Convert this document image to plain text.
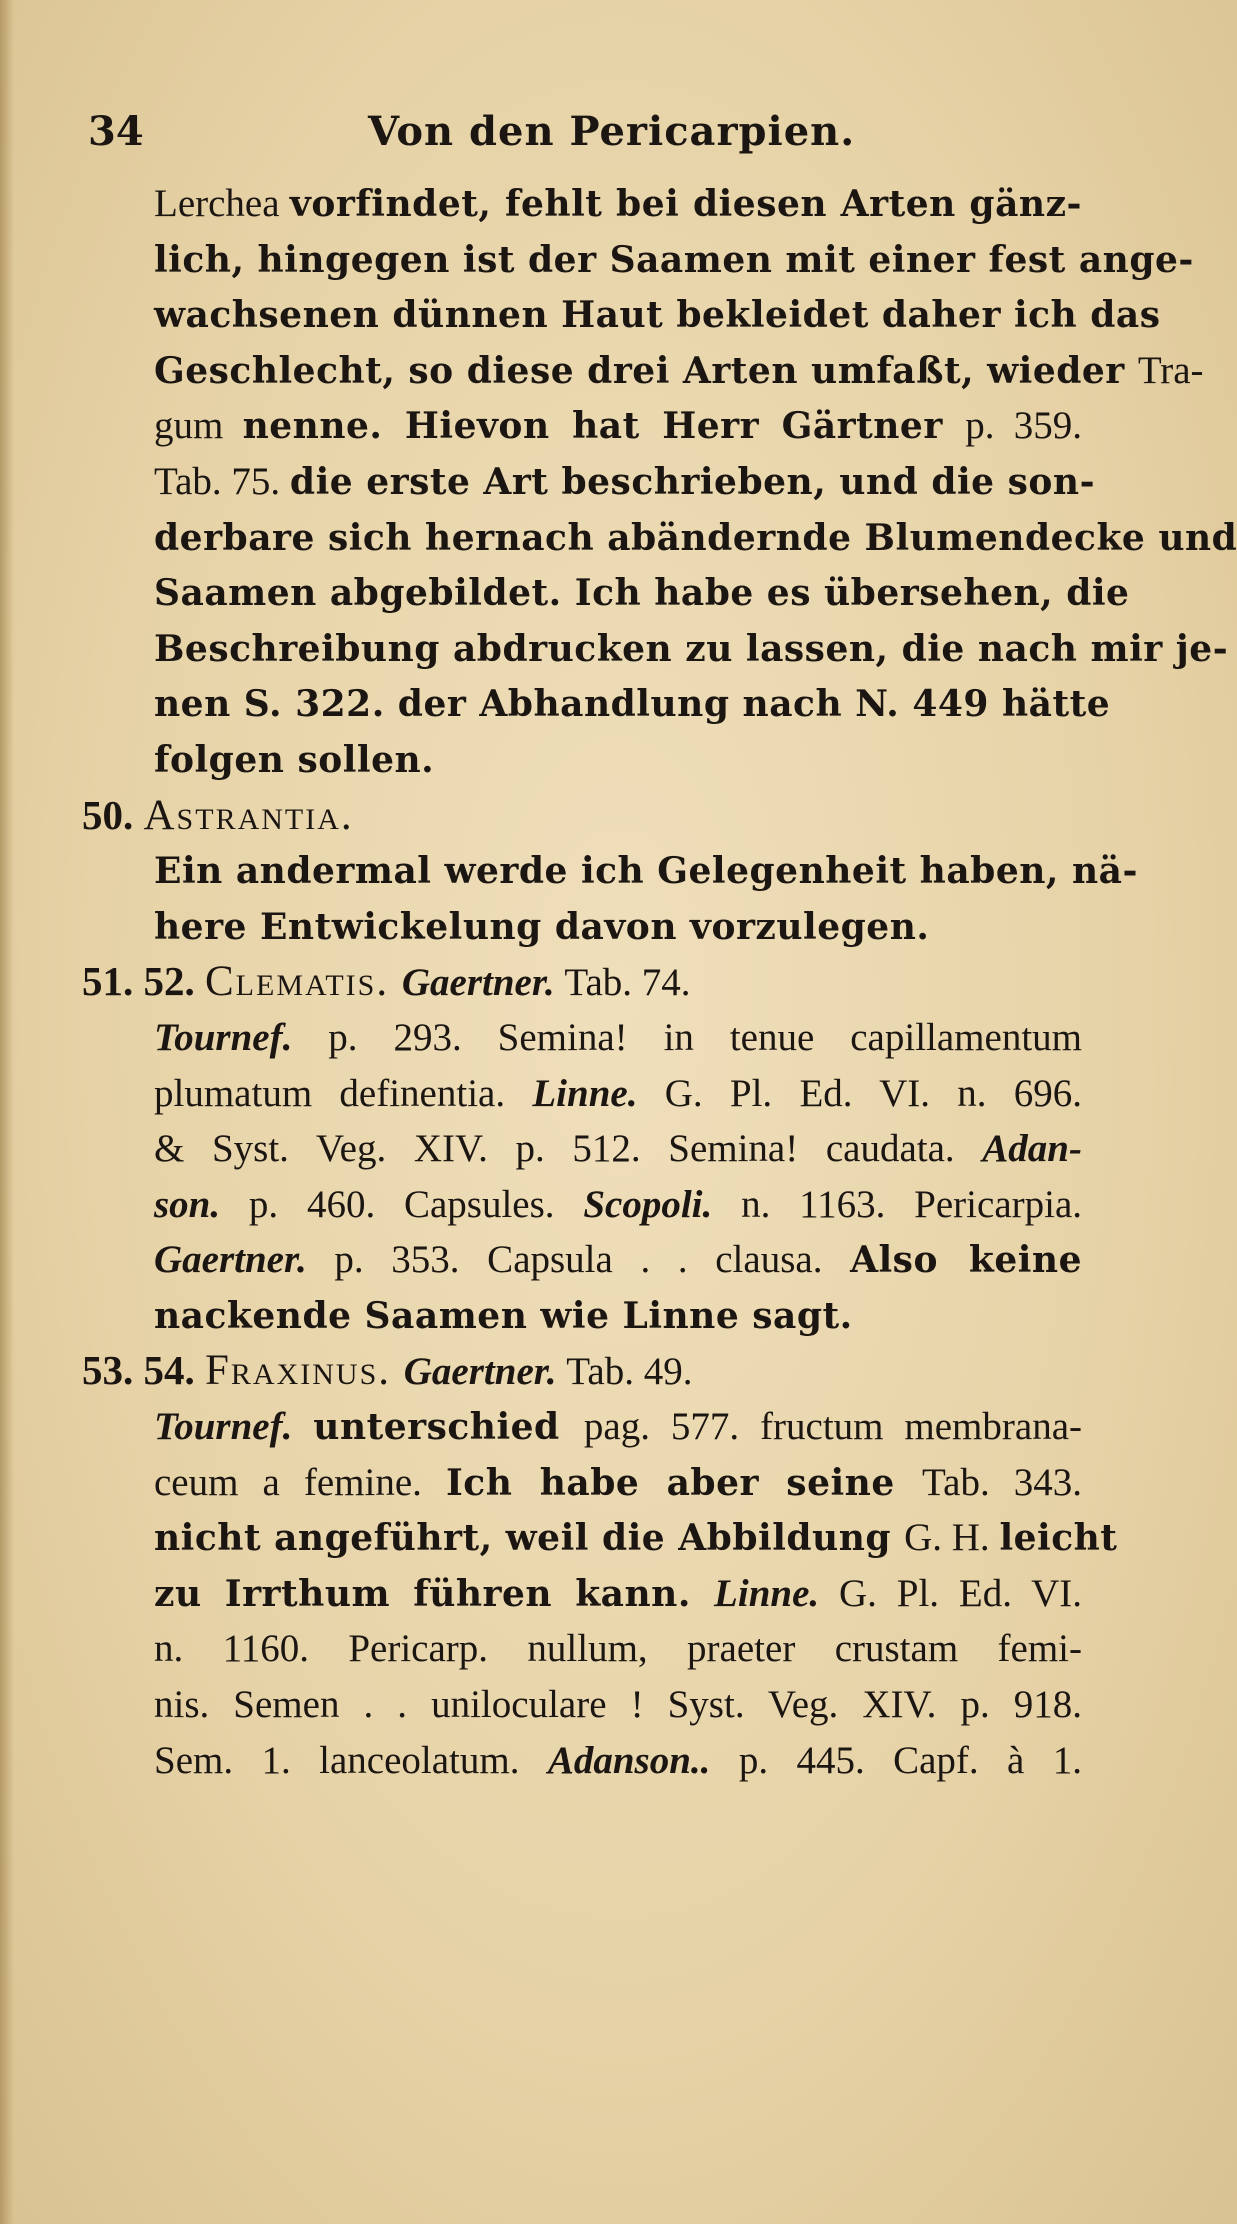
34	Von den Pericarpien.
Lerchea vorfindet, fehlt bei diesen Arten gänz-
lich, hingegen ist der Saamen mit einer fest ange-
wachsenen dünnen Haut bekleidet daher ich das
Geschlecht, so diese drei Arten umfaßt, wieder Tra-
gum nenne. Hievon hat Herr Gärtner p. 359.
Tab. 75. die erste Art beschrieben, und die son-
derbare sich hernach abändernde Blumendecke und
Saamen abgebildet. Ich habe es übersehen, die
Beschreibung abdrucken zu lassen, die nach mir je-
nen S. 322. der Abhandlung nach N. 449 hätte
folgen sollen.
50. Astrantia.
Ein andermal werde ich Gelegenheit haben, nä-
here Entwickelung davon vorzulegen.
51. 52. Clematis. Gaertner. Tab. 74.
Tournef. p. 293. Semina! in tenue capillamentum
plumatum definentia. Linne. G. Pl. Ed. VI. n. 696.
& Syst. Veg. XIV. p. 512. Semina! caudata. Adan-
son. p. 460. Capsules. Scopoli. n. 1163. Pericarpia.
Gaertner. p. 353. Capsula . . clausa. Also keine
nackende Saamen wie Linne sagt.
53. 54. Fraxinus. Gaertner. Tab. 49.
Tournef. unterschied pag. 577. fructum membrana-
ceum a femine. Ich habe aber seine Tab. 343.
nicht angeführt, weil die Abbildung G. H. leicht
zu Irrthum führen kann. Linne. G. Pl. Ed. VI.
n. 1160. Pericarp. nullum, praeter crustam femi-
nis. Semen . . uniloculare ! Syst. Veg. XIV. p. 918.
Sem. 1. lanceolatum. Adanson.. p. 445. Capf. à 1.
